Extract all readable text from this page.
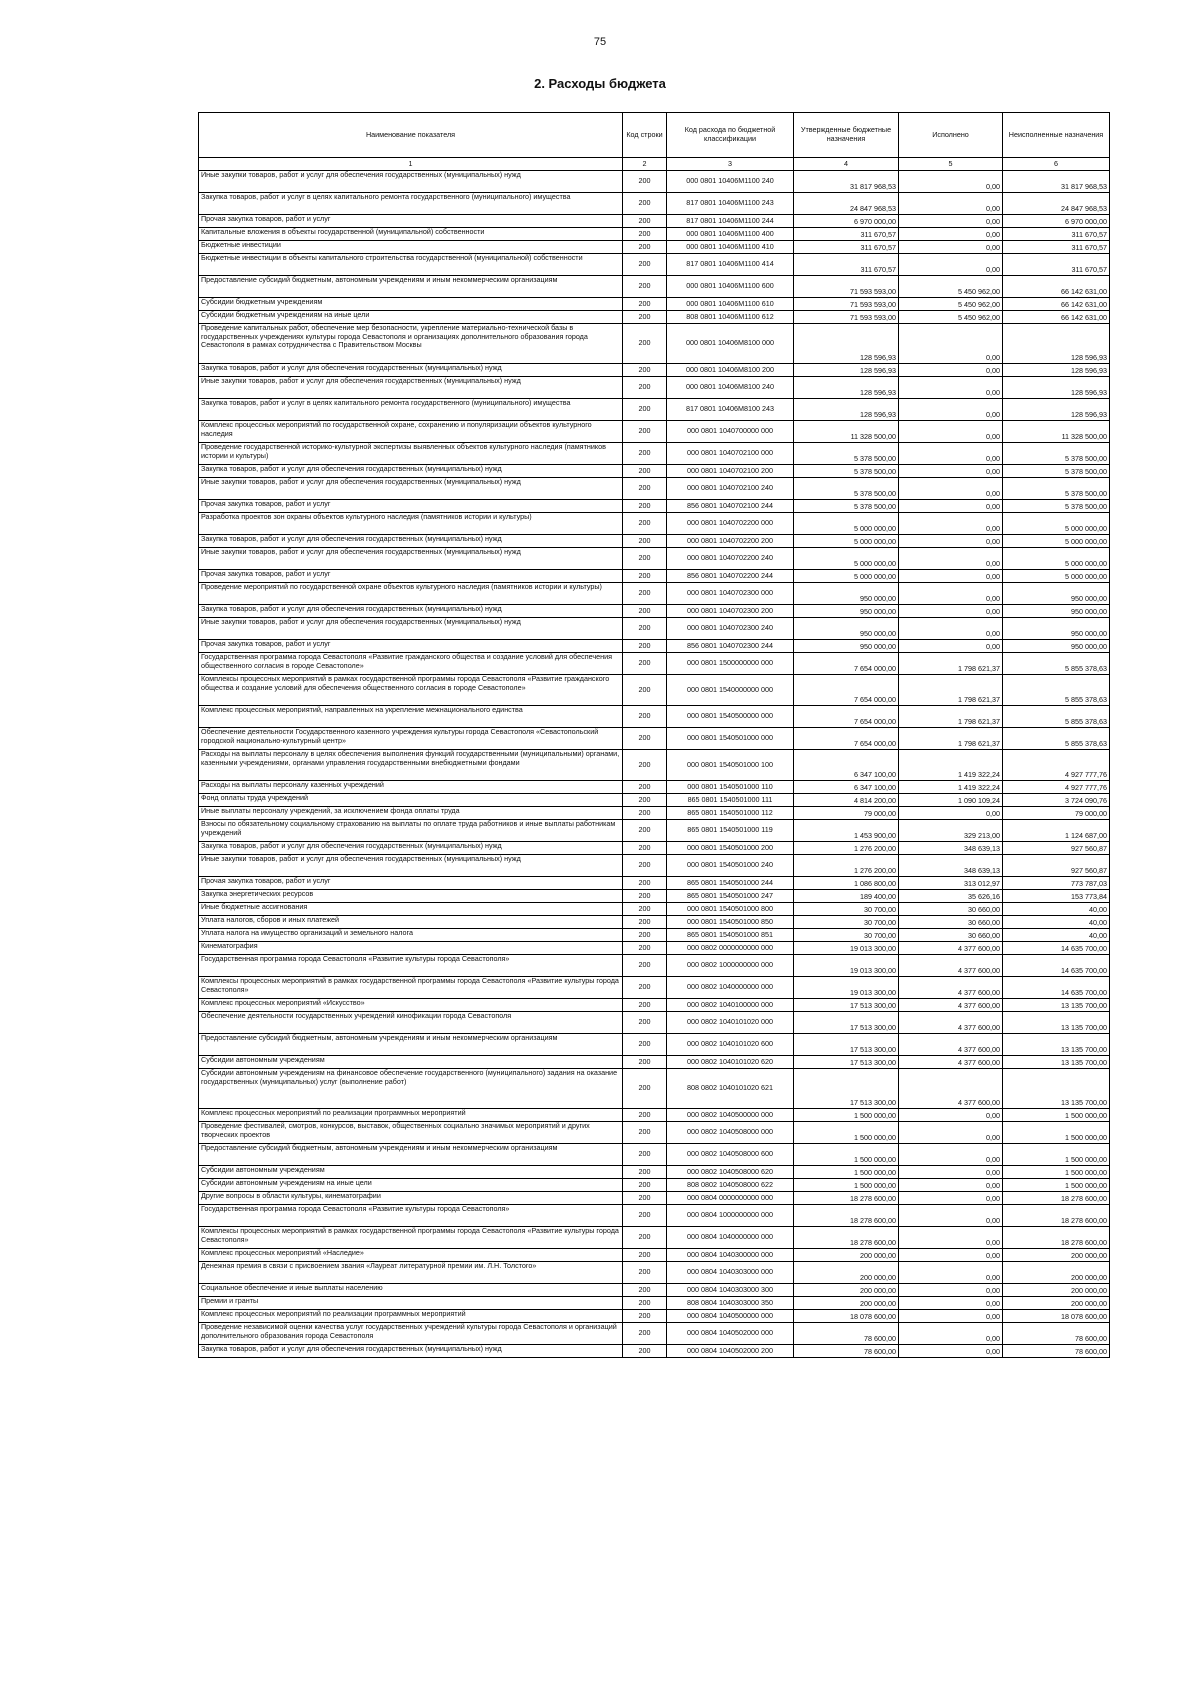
75
2. Расходы бюджета
Наименование показателя	Код строки	Код расхода по бюджетной классификации	Утвержденные бюджетные назначения	Исполнено	Неисполненные назначения
1	2	3	4	5	6
Иные закупки товаров, работ и услуг для обеспечения государственных (муниципальных) нужд	200	000 0801 10406M1100 240	31 817 968,53	0,00	31 817 968,53
Закупка товаров, работ и услуг в целях капитального ремонта государственного (муниципального) имущества	200	817 0801 10406M1100 243	24 847 968,53	0,00	24 847 968,53
Прочая закупка товаров, работ и услуг	200	817 0801 10406M1100 244	6 970 000,00	0,00	6 970 000,00
Капитальные вложения в объекты государственной (муниципальной) собственности	200	000 0801 10406M1100 400	311 670,57	0,00	311 670,57
Бюджетные инвестиции	200	000 0801 10406M1100 410	311 670,57	0,00	311 670,57
Бюджетные инвестиции в объекты капитального строительства государственной (муниципальной) собственности	200	817 0801 10406M1100 414	311 670,57	0,00	311 670,57
Предоставление субсидий бюджетным, автономным учреждениям и иным некоммерческим организациям	200	000 0801 10406M1100 600	71 593 593,00	5 450 962,00	66 142 631,00
Субсидии бюджетным учреждениям	200	000 0801 10406M1100 610	71 593 593,00	5 450 962,00	66 142 631,00
Субсидии бюджетным учреждениям на иные цели	200	808 0801 10406M1100 612	71 593 593,00	5 450 962,00	66 142 631,00
Проведение капитальных работ, обеспечение мер безопасности, укрепление материально-технической базы в государственных учреждениях культуры города Севастополя и организациях дополнительного образования города Севастополя в рамках сотрудничества с Правительством Москвы	200	000 0801 10406M8100 000	128 596,93	0,00	128 596,93
Закупка товаров, работ и услуг для обеспечения государственных (муниципальных) нужд	200	000 0801 10406M8100 200	128 596,93	0,00	128 596,93
Иные закупки товаров, работ и услуг для обеспечения государственных (муниципальных) нужд	200	000 0801 10406M8100 240	128 596,93	0,00	128 596,93
Закупка товаров, работ и услуг в целях капитального ремонта государственного (муниципального) имущества	200	817 0801 10406M8100 243	128 596,93	0,00	128 596,93
Комплекс процессных мероприятий по государственной охране, сохранению и популяризации объектов культурного наследия	200	000 0801 1040700000 000	11 328 500,00	0,00	11 328 500,00
Проведение государственной историко-культурной экспертизы выявленных объектов культурного наследия (памятников истории и культуры)	200	000 0801 1040702100 000	5 378 500,00	0,00	5 378 500,00
Закупка товаров, работ и услуг для обеспечения государственных (муниципальных) нужд	200	000 0801 1040702100 200	5 378 500,00	0,00	5 378 500,00
Иные закупки товаров, работ и услуг для обеспечения государственных (муниципальных) нужд	200	000 0801 1040702100 240	5 378 500,00	0,00	5 378 500,00
Прочая закупка товаров, работ и услуг	200	856 0801 1040702100 244	5 378 500,00	0,00	5 378 500,00
Разработка проектов зон охраны объектов культурного наследия (памятников истории и культуры)	200	000 0801 1040702200 000	5 000 000,00	0,00	5 000 000,00
Закупка товаров, работ и услуг для обеспечения государственных (муниципальных) нужд	200	000 0801 1040702200 200	5 000 000,00	0,00	5 000 000,00
Иные закупки товаров, работ и услуг для обеспечения государственных (муниципальных) нужд	200	000 0801 1040702200 240	5 000 000,00	0,00	5 000 000,00
Прочая закупка товаров, работ и услуг	200	856 0801 1040702200 244	5 000 000,00	0,00	5 000 000,00
Проведение мероприятий по государственной охране объектов культурного наследия (памятников истории и культуры)	200	000 0801 1040702300 000	950 000,00	0,00	950 000,00
Закупка товаров, работ и услуг для обеспечения государственных (муниципальных) нужд	200	000 0801 1040702300 200	950 000,00	0,00	950 000,00
Иные закупки товаров, работ и услуг для обеспечения государственных (муниципальных) нужд	200	000 0801 1040702300 240	950 000,00	0,00	950 000,00
Прочая закупка товаров, работ и услуг	200	856 0801 1040702300 244	950 000,00	0,00	950 000,00
Государственная программа города Севастополя «Развитие гражданского общества и создание условий для обеспечения общественного согласия в городе Севастополе»	200	000 0801 1500000000 000	7 654 000,00	1 798 621,37	5 855 378,63
Комплексы процессных мероприятий в рамках государственной программы города Севастополя «Развитие гражданского общества и создание условий для обеспечения общественного согласия в городе Севастополе»	200	000 0801 1540000000 000	7 654 000,00	1 798 621,37	5 855 378,63
Комплекс процессных мероприятий, направленных на укрепление межнационального единства	200	000 0801 1540500000 000	7 654 000,00	1 798 621,37	5 855 378,63
Обеспечение деятельности Государственного казенного учреждения культуры города Севастополя «Севастопольский городской национально-культурный центр»	200	000 0801 1540501000 000	7 654 000,00	1 798 621,37	5 855 378,63
Расходы на выплаты персоналу в целях обеспечения выполнения функций государственными (муниципальными) органами, казенными учреждениями, органами управления государственными внебюджетными фондами	200	000 0801 1540501000 100	6 347 100,00	1 419 322,24	4 927 777,76
Расходы на выплаты персоналу казенных учреждений	200	000 0801 1540501000 110	6 347 100,00	1 419 322,24	4 927 777,76
Фонд оплаты труда учреждений	200	865 0801 1540501000 111	4 814 200,00	1 090 109,24	3 724 090,76
Иные выплаты персоналу учреждений, за исключением фонда оплаты труда	200	865 0801 1540501000 112	79 000,00	0,00	79 000,00
Взносы по обязательному социальному страхованию на выплаты по оплате труда работников и иные выплаты работникам учреждений	200	865 0801 1540501000 119	1 453 900,00	329 213,00	1 124 687,00
Закупка товаров, работ и услуг для обеспечения государственных (муниципальных) нужд	200	000 0801 1540501000 200	1 276 200,00	348 639,13	927 560,87
Иные закупки товаров, работ и услуг для обеспечения государственных (муниципальных) нужд	200	000 0801 1540501000 240	1 276 200,00	348 639,13	927 560,87
Прочая закупка товаров, работ и услуг	200	865 0801 1540501000 244	1 086 800,00	313 012,97	773 787,03
Закупка энергетических ресурсов	200	865 0801 1540501000 247	189 400,00	35 626,16	153 773,84
Иные бюджетные ассигнования	200	000 0801 1540501000 800	30 700,00	30 660,00	40,00
Уплата налогов, сборов и иных платежей	200	000 0801 1540501000 850	30 700,00	30 660,00	40,00
Уплата налога на имущество организаций и земельного налога	200	865 0801 1540501000 851	30 700,00	30 660,00	40,00
Кинематография	200	000 0802 0000000000 000	19 013 300,00	4 377 600,00	14 635 700,00
Государственная программа города Севастополя «Развитие культуры города Севастополя»	200	000 0802 1000000000 000	19 013 300,00	4 377 600,00	14 635 700,00
Комплексы процессных мероприятий в рамках государственной программы города Севастополя «Развитие культуры города Севастополя»	200	000 0802 1040000000 000	19 013 300,00	4 377 600,00	14 635 700,00
Комплекс процессных мероприятий «Искусство»	200	000 0802 1040100000 000	17 513 300,00	4 377 600,00	13 135 700,00
Обеспечение деятельности государственных учреждений кинофикации города Севастополя	200	000 0802 1040101020 000	17 513 300,00	4 377 600,00	13 135 700,00
Предоставление субсидий бюджетным, автономным учреждениям и иным некоммерческим организациям	200	000 0802 1040101020 600	17 513 300,00	4 377 600,00	13 135 700,00
Субсидии автономным учреждениям	200	000 0802 1040101020 620	17 513 300,00	4 377 600,00	13 135 700,00
Субсидии автономным учреждениям на финансовое обеспечение государственного (муниципального) задания на оказание государственных (муниципальных) услуг (выполнение работ)	200	808 0802 1040101020 621	17 513 300,00	4 377 600,00	13 135 700,00
Комплекс процессных мероприятий по реализации программных мероприятий	200	000 0802 1040500000 000	1 500 000,00	0,00	1 500 000,00
Проведение фестивалей, смотров, конкурсов, выставок, общественных социально значимых мероприятий и других творческих проектов	200	000 0802 1040508000 000	1 500 000,00	0,00	1 500 000,00
Предоставление субсидий бюджетным, автономным учреждениям и иным некоммерческим организациям	200	000 0802 1040508000 600	1 500 000,00	0,00	1 500 000,00
Субсидии автономным учреждениям	200	000 0802 1040508000 620	1 500 000,00	0,00	1 500 000,00
Субсидии автономным учреждениям на иные цели	200	808 0802 1040508000 622	1 500 000,00	0,00	1 500 000,00
Другие вопросы в области культуры, кинематографии	200	000 0804 0000000000 000	18 278 600,00	0,00	18 278 600,00
Государственная программа города Севастополя «Развитие культуры города Севастополя»	200	000 0804 1000000000 000	18 278 600,00	0,00	18 278 600,00
Комплексы процессных мероприятий в рамках государственной программы города Севастополя «Развитие культуры города Севастополя»	200	000 0804 1040000000 000	18 278 600,00	0,00	18 278 600,00
Комплекс процессных мероприятий «Наследие»	200	000 0804 1040300000 000	200 000,00	0,00	200 000,00
Денежная премия в связи с присвоением звания «Лауреат литературной премии им. Л.Н. Толстого»	200	000 0804 1040303000 000	200 000,00	0,00	200 000,00
Социальное обеспечение и иные выплаты населению	200	000 0804 1040303000 300	200 000,00	0,00	200 000,00
Премии и гранты	200	808 0804 1040303000 350	200 000,00	0,00	200 000,00
Комплекс процессных мероприятий по реализации программных мероприятий	200	000 0804 1040500000 000	18 078 600,00	0,00	18 078 600,00
Проведение независимой оценки качества услуг государственных учреждений культуры города Севастополя и организаций дополнительного образования города Севастополя	200	000 0804 1040502000 000	78 600,00	0,00	78 600,00
Закупка товаров, работ и услуг для обеспечения государственных (муниципальных) нужд	200	000 0804 1040502000 200	78 600,00	0,00	78 600,00
